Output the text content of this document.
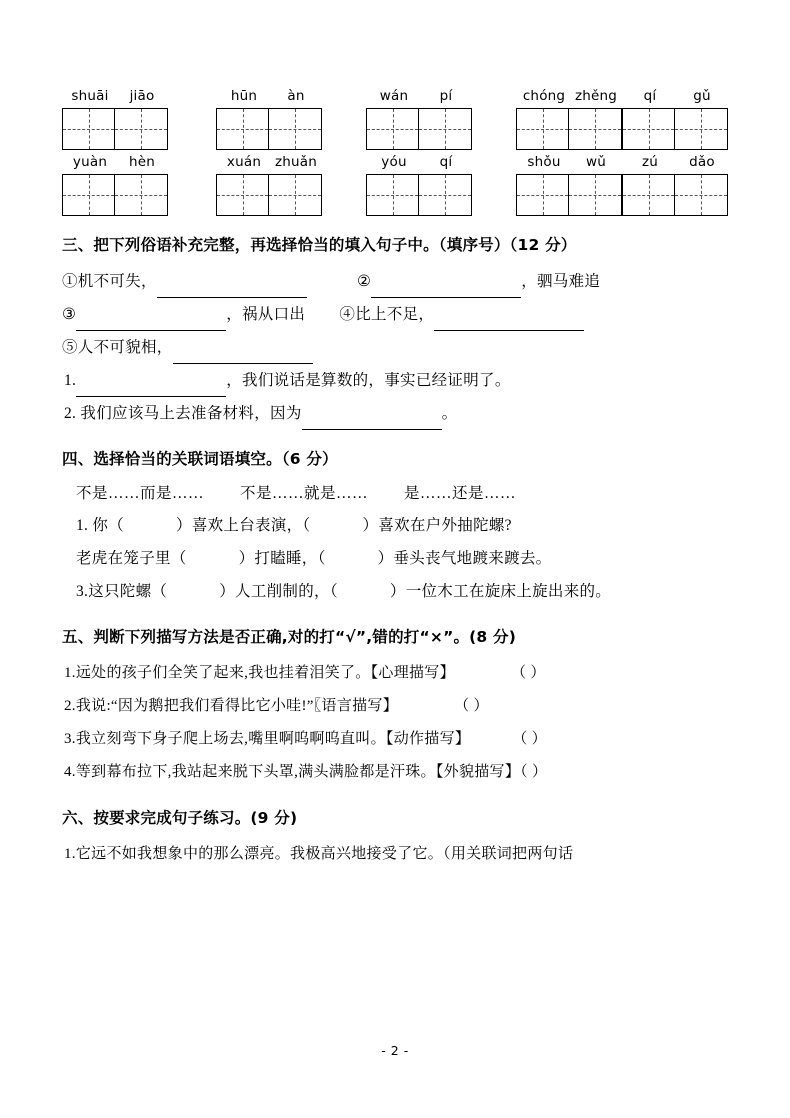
shuāi	jiāo	hūn	àn	wán	pí	chóng zhěng	qí	gǔ
yuàn	hèn	xuán	zhuǎn	yóu	qí	shǒu	wǔ	zú	dǎo
三、把下列俗语补充完整，再选择恰当的填入句子中。（填序号）（12 分）
①机不可失，	②	，驷马难追
③	，祸从口出 ④比上不足，
⑤人不可貌相，
1.	，我们说话是算数的，事实已经证明了。
2. 我们应该马上去准备材料，因为	。
四、选择恰当的关联词语填空。（6 分）
不是……而是…… 不是……就是…… 是……还是……
1. 你（	）喜欢上台表演，（	）喜欢在户外抽陀螺?
老虎在笼子里（	）打瞌睡，（	）垂头丧气地踱来踱去。
3.这只陀螺（	）人工削制的，（	）一位木工在旋床上旋出来的。
五、判断下列描写方法是否正确,对的打“√”,错的打“×”。(8 分)
1.远处的孩子们全笑了起来,我也挂着泪笑了。【心理描写】	（ ）
2.我说:“因为鹅把我们看得比它小哇!”〖语言描写】	（ ）
3.我立刻弯下身子爬上场去,嘴里啊呜啊呜直叫。【动作描写】	（ ）
4.等到幕布拉下,我站起来脱下头罩,满头满脸都是汗珠。【外貌描写】（ ）
六、按要求完成句子练习。(9 分)
1.它远不如我想象中的那么漂亮。我极高兴地接受了它。（用关联词把两句话
- 2 -
